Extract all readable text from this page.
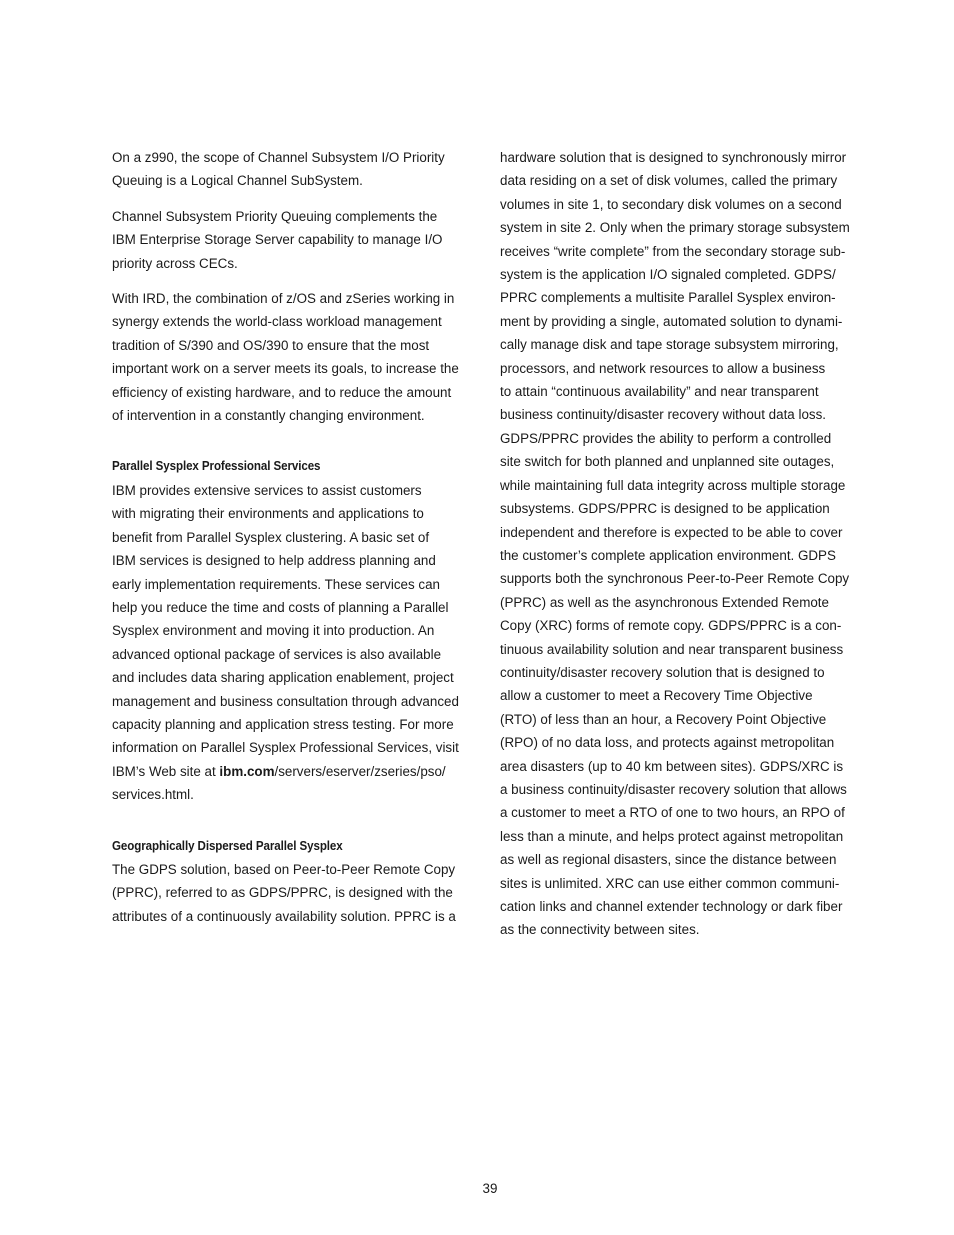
On a z990, the scope of Channel Subsystem I/O Priority
Queuing is a Logical Channel SubSystem.
Channel Subsystem Priority Queuing complements the
IBM Enterprise Storage Server capability to manage I/O
priority across CECs.
With IRD, the combination of z/OS and zSeries working in
synergy extends the world-class workload management
tradition of S/390 and OS/390 to ensure that the most
important work on a server meets its goals, to increase the
efficiency of existing hardware, and to reduce the amount
of intervention in a constantly changing environment.
Parallel Sysplex Professional Services
IBM provides extensive services to assist customers
with migrating their environments and applications to
benefit from Parallel Sysplex clustering. A basic set of
IBM services is designed to help address planning and
early implementation requirements. These services can
help you reduce the time and costs of planning a Parallel
Sysplex environment and moving it into production. An
advanced optional package of services is also available
and includes data sharing application enablement, project
management and business consultation through advanced
capacity planning and application stress testing. For more
information on Parallel Sysplex Professional Services, visit
IBM’s Web site at ibm.com/servers/eserver/zseries/pso/
services.html.
Geographically Dispersed Parallel Sysplex
The GDPS solution, based on Peer-to-Peer Remote Copy
(PPRC), referred to as GDPS/PPRC, is designed with the
attributes of a continuously availability solution. PPRC is a
hardware solution that is designed to synchronously mirror
data residing on a set of disk volumes, called the primary
volumes in site 1, to secondary disk volumes on a second
system in site 2. Only when the primary storage subsystem
receives “write complete” from the secondary storage sub-
system is the application I/O signaled completed. GDPS/
PPRC complements a multisite Parallel Sysplex environ-
ment by providing a single, automated solution to dynami-
cally manage disk and tape storage subsystem mirroring,
processors, and network resources to allow a business
to attain “continuous availability” and near transparent
business continuity/disaster recovery without data loss.
GDPS/PPRC provides the ability to perform a controlled
site switch for both planned and unplanned site outages,
while maintaining full data integrity across multiple storage
subsystems. GDPS/PPRC is designed to be application
independent and therefore is expected to be able to cover
the customer’s complete application environment. GDPS
supports both the synchronous Peer-to-Peer Remote Copy
(PPRC) as well as the asynchronous Extended Remote
Copy (XRC) forms of remote copy. GDPS/PPRC is a con-
tinuous availability solution and near transparent business
continuity/disaster recovery solution that is designed to
allow a customer to meet a Recovery Time Objective
(RTO) of less than an hour, a Recovery Point Objective
(RPO) of no data loss, and protects against metropolitan
area disasters (up to 40 km between sites). GDPS/XRC is
a business continuity/disaster recovery solution that allows
a customer to meet a RTO of one to two hours, an RPO of
less than a minute, and helps protect against metropolitan
as well as regional disasters, since the distance between
sites is unlimited. XRC can use either common communi-
cation links and channel extender technology or dark fiber
as the connectivity between sites.
39
